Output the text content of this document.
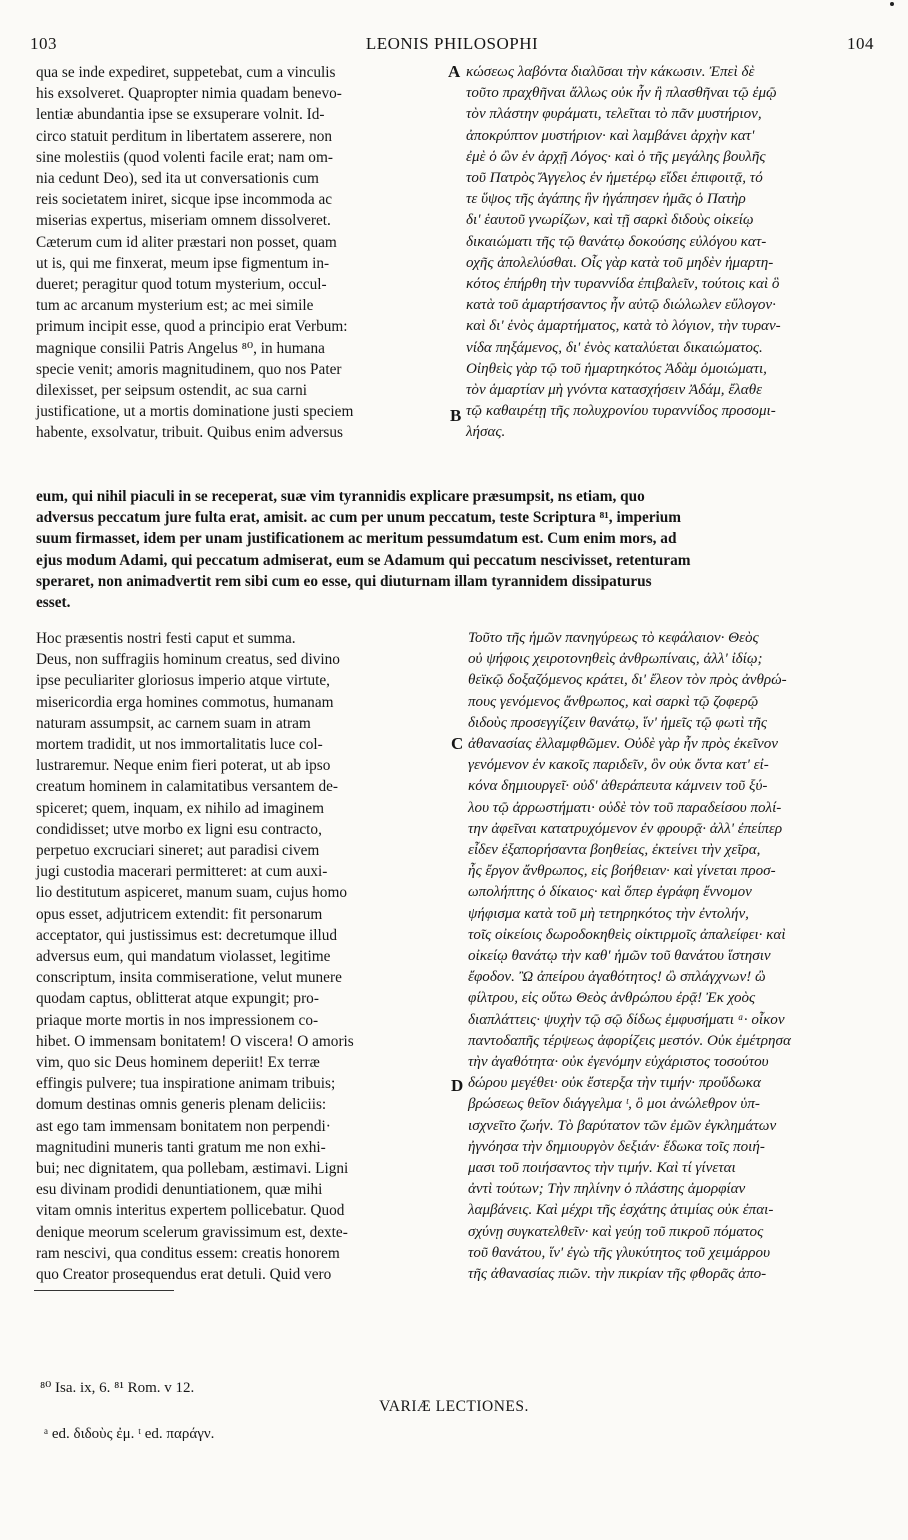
103	LEONIS PHILOSOPHI	104

qua se inde expediret, suppetebat, cum a vinculis

his exsolveret. Quapropter nimia quadam benevo-

lentiæ abundantia ipse se exsuperare volnit. Id-

circo statuit perditum in libertatem asserere, non

sine molestiis (quod volenti facile erat; nam om-

nia cedunt Deo), sed ita ut conversationis cum

reis societatem iniret, sicque ipse incommoda ac

miserias expertus, miseriam omnem dissolveret.

Cæterum cum id aliter præstari non posset, quam

ut is, qui me finxerat, meum ipse figmentum in-

dueret; peragitur quod totum mysterium, occul-

tum ac arcanum mysterium est; ac mei simile

primum incipit esse, quod a principio erat Verbum:

magnique consilii Patris Angelus ⁸⁰, in humana

specie venit; amoris magnitudinem, quo nos Pater

dilexisset, per seipsum ostendit, ac sua carni

justificatione, ut a mortis dominatione justi speciem

habente, exsolvatur, tribuit. Quibus enim adversus

κώσεως λαβόντα διαλῦσαι τὴν κάκωσιν. Ἐπεὶ δὲ

τοῦτο πραχθῆναι ἄλλως οὐκ ἦν ἢ πλασθῆναι τῷ ἐμῷ

τὸν πλάστην φυράματι, τελεῖται τὸ πᾶν μυστήριον,

ἀποκρύπτον μυστήριον· καὶ λαμβάνει ἀρχὴν κατ'

ἐμὲ ὁ ὢν ἐν ἀρχῇ Λόγος· καὶ ὁ τῆς μεγάλης βουλῆς

τοῦ Πατρὸς Ἄγγελος ἐν ἡμετέρῳ εἴδει ἐπιφοιτᾷ, τό

τε ὕψος τῆς ἀγάπης ἣν ἠγάπησεν ἡμᾶς ὁ Πατὴρ

δι' ἑαυτοῦ γνωρίζων, καὶ τῇ σαρκὶ διδοὺς οἰκείῳ

δικαιώματι τῆς τῷ θανάτῳ δοκούσης εὐλόγου κατ-

οχῆς ἀπολελύσθαι. Οἷς γὰρ κατὰ τοῦ μηδὲν ἡμαρτη-

κότος ἐπήρθη τὴν τυραννίδα ἐπιβαλεῖν, τούτοις καὶ ὃ

κατὰ τοῦ ἁμαρτήσαντος ἦν αὐτῷ διώλωλεν εὔλογον·

καὶ δι' ἑνὸς ἁμαρτήματος, κατὰ τὸ λόγιον, τὴν τυραν-

νίδα πηξάμενος, δι' ἑνὸς καταλύεται δικαιώματος.

Οἰηθεὶς γὰρ τῷ τοῦ ἡμαρτηκότος Ἀδὰμ ὁμοιώματι,

τὸν ἁμαρτίαν μὴ γνόντα κατασχήσειν Ἀδάμ, ἔλαθε

τῷ καθαιρέτῃ τῆς πολυχρονίου τυραννίδος προσομι-

λήσας.

eum, qui nihil piaculi in se receperat, suæ vim tyrannidis explicare præsumpsit, ns etiam, quo

adversus peccatum jure fulta erat, amisit. ac cum per unum peccatum, teste Scriptura ⁸¹, imperium

suum firmasset, idem per unam justificationem ac meritum pessumdatum est. Cum enim mors, ad

ejus modum Adami, qui peccatum admiserat, eum se Adamum qui peccatum nescivisset, retenturam

speraret, non animadvertit rem sibi cum eo esse, qui diuturnam illam tyrannidem dissipaturus

esset.

A
B

Hoc præsentis nostri festi caput et summa.

Deus, non suffragiis hominum creatus, sed divino

ipse peculiariter gloriosus imperio atque virtute,

misericordia erga homines commotus, humanam

naturam assumpsit, ac carnem suam in atram

mortem tradidit, ut nos immortalitatis luce col-

lustraremur. Neque enim fieri poterat, ut ab ipso

creatum hominem in calamitatibus versantem de-

spiceret; quem, inquam, ex nihilo ad imaginem

condidisset; utve morbo ex ligni esu contracto,

perpetuo excruciari sineret; aut paradisi civem

jugi custodia macerari permitteret: at cum auxi-

lio destitutum aspiceret, manum suam, cujus homo

opus esset, adjutricem extendit: fit personarum

acceptator, qui justissimus est: decretumque illud

adversus eum, qui mandatum violasset, legitime

conscriptum, insita commiseratione, velut munere

quodam captus, oblitterat atque expungit; pro-

priaque morte mortis in nos impressionem co-

hibet. O immensam bonitatem! O viscera! O amoris

vim, quo sic Deus hominem deperiit! Ex terræ

effingis pulvere; tua inspiratione animam tribuis;

domum destinas omnis generis plenam deliciis:

ast ego tam immensam bonitatem non perpendi·

magnitudini muneris tanti gratum me non exhi-

bui; nec dignitatem, qua pollebam, æstimavi. Ligni

esu divinam prodidi denuntiationem, quæ mihi

vitam omnis interitus expertem pollicebatur. Quod

denique meorum scelerum gravissimum est, dexte-

ram nescivi, qua conditus essem: creatis honorem

quo Creator prosequendus erat detuli. Quid vero

Τοῦτο τῆς ἡμῶν πανηγύρεως τὸ κεφάλαιον· Θεὸς

οὐ ψήφοις χειροτονηθεὶς ἀνθρωπίναις, ἀλλ' ἰδίῳ;

θεϊκῷ δοξαζόμενος κράτει, δι' ἔλεον τὸν πρὸς ἀνθρώ-

πους γενόμενος ἄνθρωπος, καὶ σαρκὶ τῷ ζοφερῷ

διδοὺς προσεγγίζειν θανάτῳ, ἵν' ἡμεῖς τῷ φωτὶ τῆς

ἀθανασίας ἐλλαμφθῶμεν. Οὐδὲ γὰρ ἦν πρὸς ἐκεῖνον

γενόμενον ἐν κακοῖς παριδεῖν, ὃν οὐκ ὄντα κατ' εἰ-

κόνα δημιουργεῖ· οὐδ' ἀθεράπευτα κάμνειν τοῦ ξύ-

λου τῷ ἀρρωστήματι· οὐδὲ τὸν τοῦ παραδείσου πολί-

την ἀφεῖναι κατατρυχόμενον ἐν φρουρᾷ· ἀλλ' ἐπείπερ

εἶδεν ἐξαπορήσαντα βοηθείας, ἐκτείνει τὴν χεῖρα,

ἧς ἔργον ἄνθρωπος, εἰς βοήθειαν· καὶ γίνεται προσ-

ωπολήπτης ὁ δίκαιος· καὶ ὅπερ ἐγράφη ἔννομον

ψήφισμα κατὰ τοῦ μὴ τετηρηκότος τὴν ἐντολήν,

τοῖς οἰκείοις δωροδοκηθεὶς οἰκτιρμοῖς ἀπαλείφει· καὶ

οἰκείῳ θανάτῳ τὴν καθ' ἡμῶν τοῦ θανάτου ἵστησιν

ἔφοδον. Ὢ ἀπείρου ἀγαθότητος! ὢ σπλάγχνων! ὢ

φίλτρου, εἰς οὕτω Θεὸς ἀνθρώπου ἐρᾷ! Ἐκ χοὸς

διαπλάττεις· ψυχὴν τῷ σῷ δίδως ἐμφυσήματι ᵃ· οἶκον

παντοδαπῆς τέρψεως ἀφορίζεις μεστόν. Οὐκ ἐμέτρησα

τὴν ἀγαθότητα· οὐκ ἐγενόμην εὐχάριστος τοσούτου

δώρου μεγέθει· οὐκ ἔστερξα τὴν τιμήν· προὔδωκα

βρώσεως θεῖον διάγγελμα ᵗ, ὃ μοι ἀνώλεθρον ὑπ-

ισχνεῖτο ζωήν. Τὸ βαρύτατον τῶν ἐμῶν ἐγκλημάτων

ἠγνόησα τὴν δημιουργὸν δεξιάν· ἔδωκα τοῖς ποιή-

μασι τοῦ ποιήσαντος τὴν τιμήν. Καὶ τί γίνεται

ἀντὶ τούτων; Τὴν πηλίνην ὁ πλάστης ἀμορφίαν

λαμβάνεις. Καὶ μέχρι τῆς ἐσχάτης ἀτιμίας οὐκ ἐπαι-

σχύνῃ συγκατελθεῖν· καὶ γεύῃ τοῦ πικροῦ πόματος

τοῦ θανάτου, ἵν' ἐγὼ τῆς γλυκύτητος τοῦ χειμάρρου

τῆς ἀθανασίας πιῶν. τὴν πικρίαν τῆς φθορᾶς ἀπο-

C
D
⁸⁰ Isa. ix, 6. ⁸¹ Rom. v 12.
VARIÆ LECTIONES.
ᵃ ed. διδοὺς ἐμ. ᵗ ed. παράγν.
